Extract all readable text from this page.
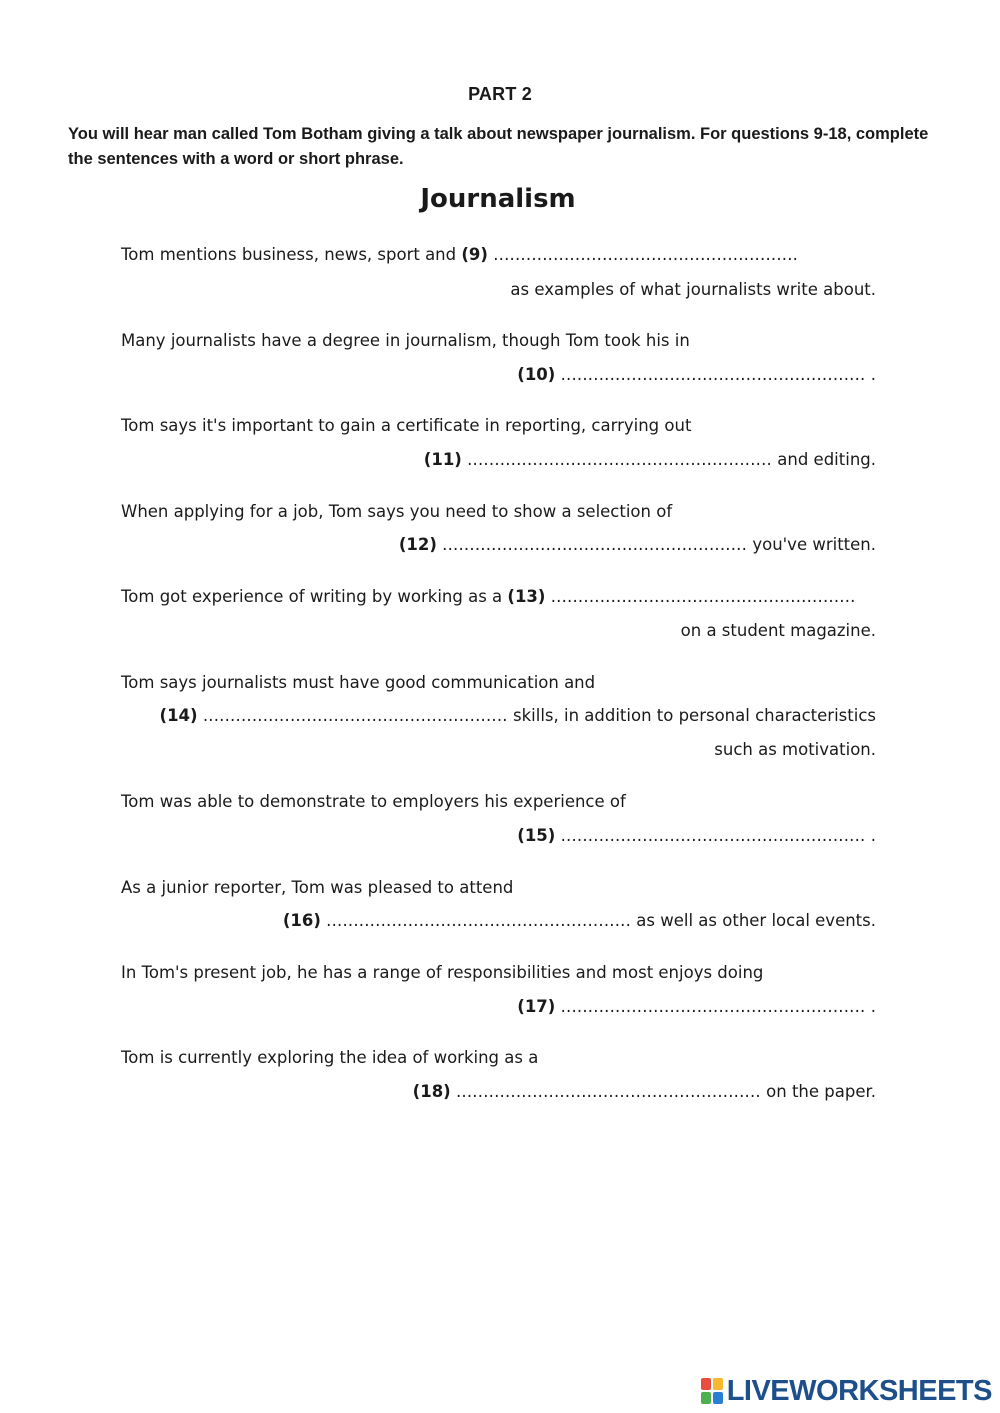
PART 2
You will hear man called Tom Botham giving a talk about newspaper journalism. For questions 9-18, complete the sentences with a word or short phrase.
Journalism
Tom mentions business, news, sport and (9) ........................................................
as examples of what journalists write about.
Many journalists have a degree in journalism, though Tom took his in
(10) ........................................................ .
Tom says it's important to gain a certificate in reporting, carrying out
(11) ........................................................ and editing.
When applying for a job, Tom says you need to show a selection of
(12) ........................................................ you've written.
Tom got experience of writing by working as a (13) ........................................................
on a student magazine.
Tom says journalists must have good communication and
(14) ........................................................ skills, in addition to personal characteristics
such as motivation.
Tom was able to demonstrate to employers his experience of
(15) ........................................................ .
As a junior reporter, Tom was pleased to attend
(16) ........................................................ as well as other local events.
In Tom's present job, he has a range of responsibilities and most enjoys doing
(17) ........................................................ .
Tom is currently exploring the idea of working as a
(18) ........................................................ on the paper.
LIVEWORKSHEETS
